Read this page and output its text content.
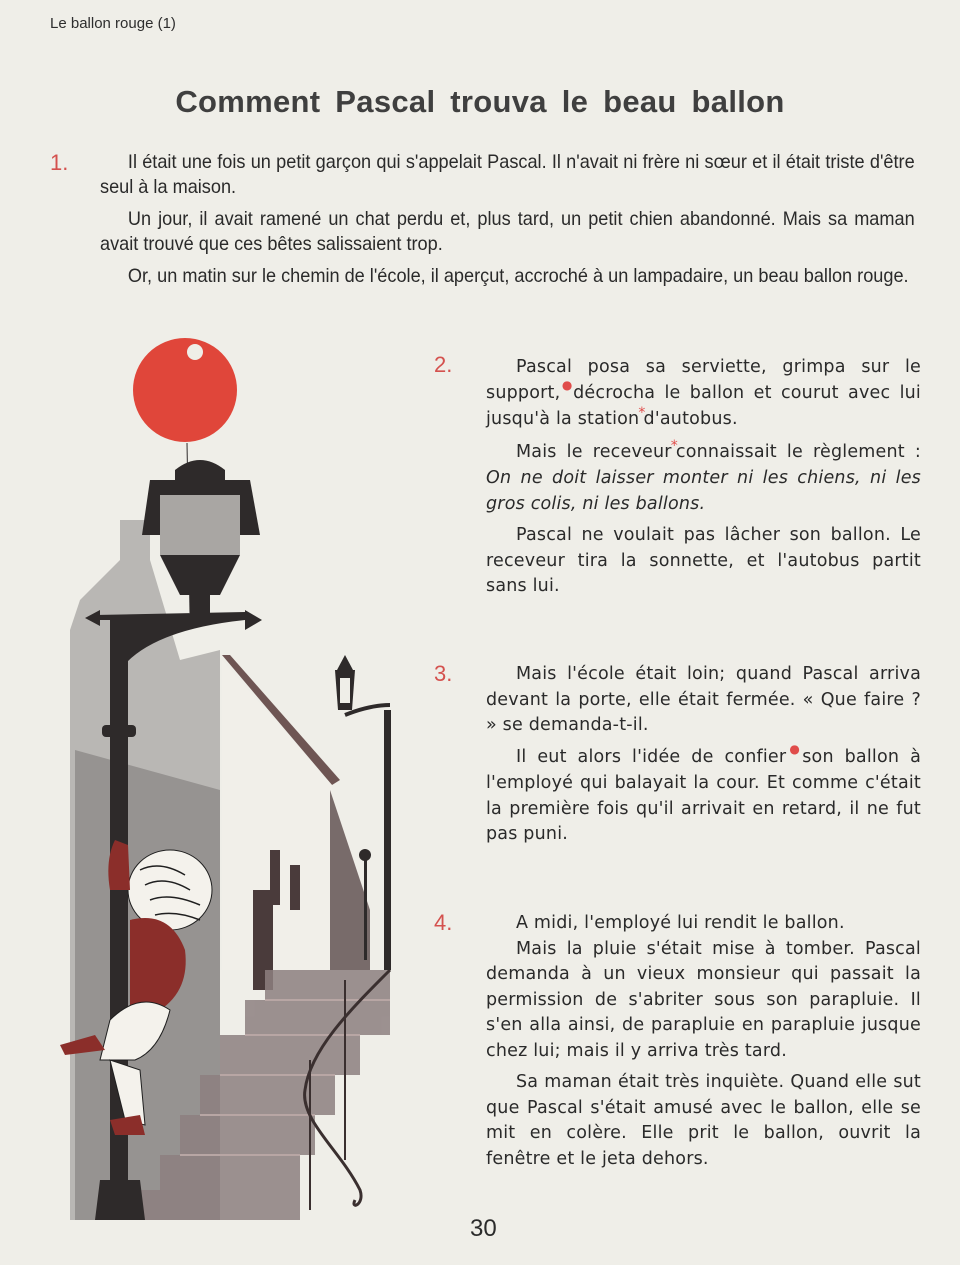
Le ballon rouge (1)
Comment Pascal trouva le beau ballon
1.	Il était une fois un petit garçon qui s'appelait Pascal. Il n'avait ni frère ni sœur et il était triste d'être seul à la maison.

Un jour, il avait ramené un chat perdu et, plus tard, un petit chien abandonné. Mais sa maman avait trouvé que ces bêtes salissaient trop.

Or, un matin sur le chemin de l'école, il aperçut, accroché à un lampadaire, un beau ballon rouge.

2.	Pascal posa sa serviette, grimpa sur le support,●décrocha le ballon et courut avec lui jusqu'à la station*d'autobus.

Mais le receveur*connaissait le règlement : On ne doit laisser monter ni les chiens, ni les gros colis, ni les ballons.

Pascal ne voulait pas lâcher son ballon. Le receveur tira la sonnette, et l'autobus partit sans lui.

3.	Mais l'école était loin; quand Pascal arriva devant la porte, elle était fermée. « Que faire ? » se demanda-t-il.

Il eut alors l'idée de confier●son ballon à l'employé qui balayait la cour. Et comme c'était la première fois qu'il arrivait en retard, il ne fut pas puni.

4.	A midi, l'employé lui rendit le ballon.

Mais la pluie s'était mise à tomber. Pascal demanda à un vieux monsieur qui passait la permission de s'abriter sous son parapluie. Il s'en alla ainsi, de parapluie en parapluie jusque chez lui; mais il y arriva très tard.

Sa maman était très inquiète. Quand elle sut que Pascal s'était amusé avec le ballon, elle se mit en colère. Elle prit le ballon, ouvrit la fenêtre et le jeta dehors.

30
